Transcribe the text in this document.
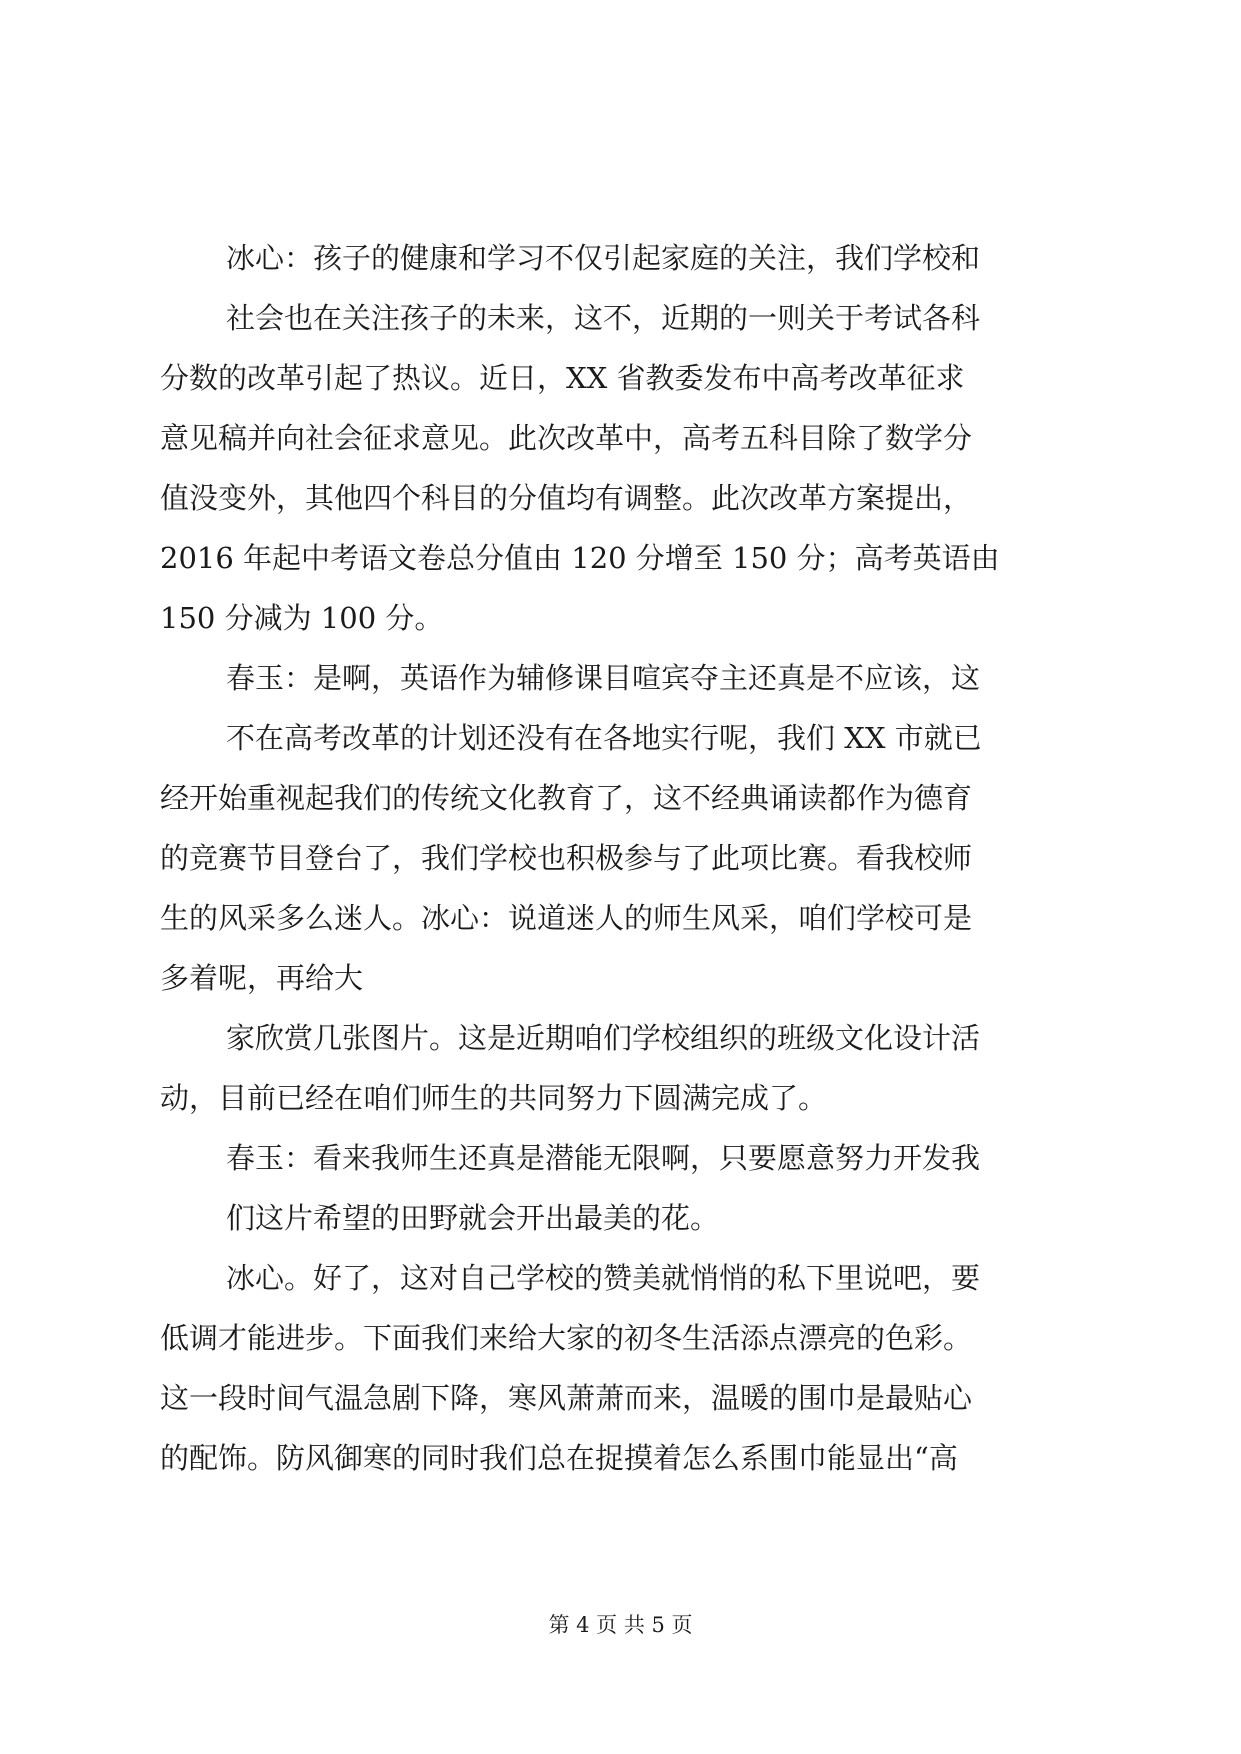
冰心：孩子的健康和学习不仅引起家庭的关注，我们学校和
社会也在关注孩子的未来，这不，近期的一则关于考试各科
分数的改革引起了热议。近日，XX 省教委发布中高考改革征求
意见稿并向社会征求意见。此次改革中，高考五科目除了数学分
值没变外，其他四个科目的分值均有调整。此次改革方案提出，
2016 年起中考语文卷总分值由 120 分增至 150 分；高考英语由
150 分减为 100 分。
春玉：是啊，英语作为辅修课目喧宾夺主还真是不应该，这
不在高考改革的计划还没有在各地实行呢，我们 XX 市就已
经开始重视起我们的传统文化教育了，这不经典诵读都作为德育
的竞赛节目登台了，我们学校也积极参与了此项比赛。看我校师
生的风采多么迷人。冰心：说道迷人的师生风采，咱们学校可是
多着呢，再给大
家欣赏几张图片。这是近期咱们学校组织的班级文化设计活
动，目前已经在咱们师生的共同努力下圆满完成了。
春玉：看来我师生还真是潜能无限啊，只要愿意努力开发我
们这片希望的田野就会开出最美的花。
冰心。好了，这对自己学校的赞美就悄悄的私下里说吧，要
低调才能进步。下面我们来给大家的初冬生活添点漂亮的色彩。
这一段时间气温急剧下降，寒风萧萧而来，温暖的围巾是最贴心
的配饰。防风御寒的同时我们总在捉摸着怎么系围巾能显出“高
第 4 页 共 5 页
